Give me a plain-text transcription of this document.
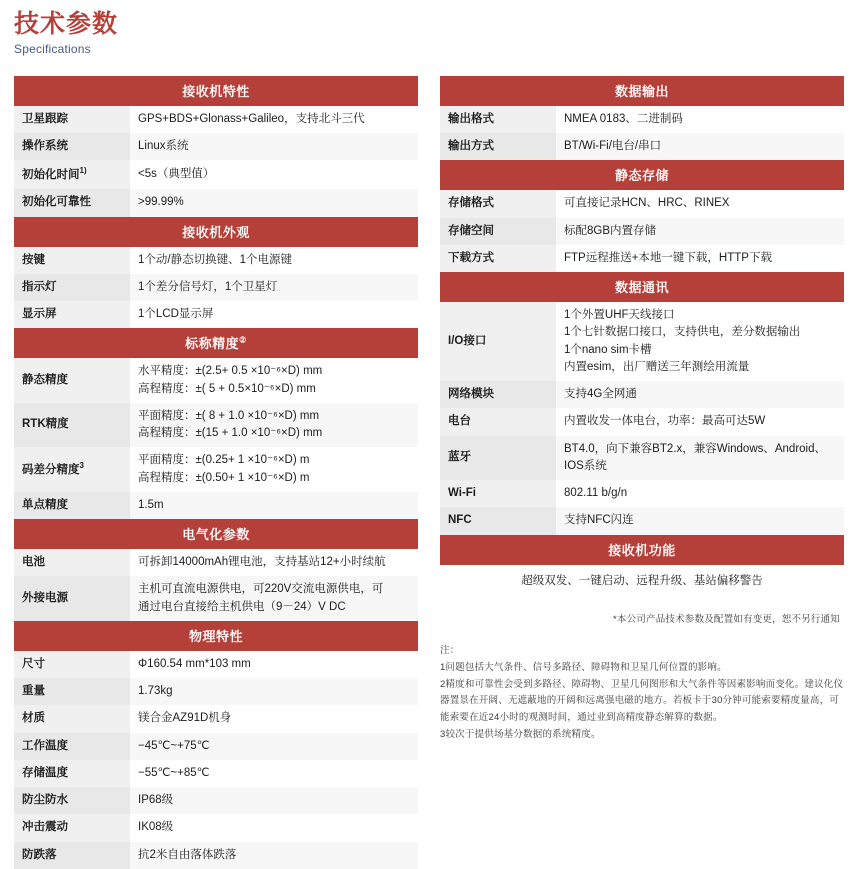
技术参数
Specifications
接收机特性
卫星跟踪	GPS+BDS+Glonass+Galileo，支持北斗三代

操作系统	Linux系统

初始化时间$^{1)}$	<5s（典型值）

初始化可靠性	>99.99%
接收机外观
按键	1个动/静态切换键、1个电源键

指示灯	1个差分信号灯，1个卫星灯

显示屏	1个LCD显示屏
标称精度②
静态精度	水平精度：±(2.5+ 0.5 ×10⁻⁶×D) mm
高程精度：±( 5 + 0.5×10⁻⁶×D) mm

RTK精度	平面精度：±( 8 + 1.0 ×10⁻⁶×D) mm
高程精度：±(15 + 1.0 ×10⁻⁶×D) mm

码差分精度$^3$	平面精度：±(0.25+ 1 ×10⁻⁶×D) m
高程精度：±(0.50+ 1 ×10⁻⁶×D) m

单点精度	1.5m
电气化参数
电池	可拆卸14000mAh锂电池，支持基站12+小时续航

外接电源	主机可直流电源供电，可220V交流电源供电，可
通过电台直接给主机供电（9－24）V DC
物理特性
尺寸	Φ160.54 mm*103 mm

重量	1.73kg

材质	镁合金AZ91D机身

工作温度	−45℃~+75℃

存储温度	−55℃~+85℃

防尘防水	IP68级

冲击震动	IK08级

防跌落	抗2米自由落体跌落
数据输出
输出格式	NMEA 0183、二进制码

输出方式	BT/Wi-Fi/电台/串口
静态存储
存储格式	可直接记录HCN、HRC、RINEX

存储空间	标配8GB内置存储

下载方式	FTP远程推送+本地一键下载，HTTP下载
数据通讯
I/O接口	1个外置UHF天线接口
1个七针数据口接口，支持供电，差分数据输出
1个nano sim卡槽
内置esim，出厂赠送三年测绘用流量

网络模块	支持4G全网通

电台	内置收发一体电台，功率：最高可达5W

蓝牙	BT4.0，向下兼容BT2.x，兼容Windows、Android、IOS系统

Wi-Fi	802.11 b/g/n

NFC	支持NFC闪连
接收机功能
超级双发、一键启动、远程升级、基站偏移警告
*本公司产品技术参数及配置如有变更，恕不另行通知
注：
1问题包括大气条件、信号多路径、障碍物和卫星几何位置的影响。
2精度和可靠性会受到多路径、障碍物、卫星几何图形和大气条件等因素影响而变化。建议化仪器置景在开阔、无遮蔽地的开阔和远离强电磁的地方。若板卡于30分钟可能索要精度量高，可能索要在近24小时的观测时间，通过业到高精度静态解算的数据。
3较次于提供场基分数据的系统精度。
